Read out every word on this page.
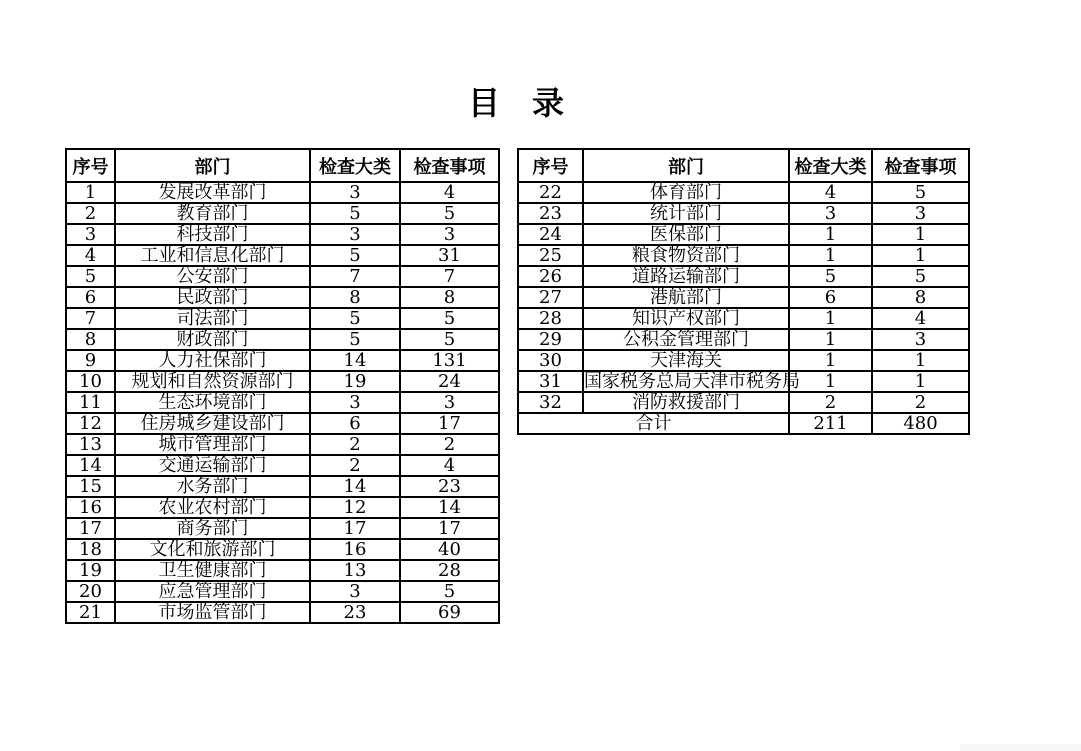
目　录
序号	部门	检查大类	检查事项
1	发展改革部门	3	4
2	教育部门	5	5
3	科技部门	3	3
4	工业和信息化部门	5	31
5	公安部门	7	7
6	民政部门	8	8
7	司法部门	5	5
8	财政部门	5	5
9	人力社保部门	14	131
10	规划和自然资源部门	19	24
11	生态环境部门	3	3
12	住房城乡建设部门	6	17
13	城市管理部门	2	2
14	交通运输部门	2	4
15	水务部门	14	23
16	农业农村部门	12	14
17	商务部门	17	17
18	文化和旅游部门	16	40
19	卫生健康部门	13	28
20	应急管理部门	3	5
21	市场监管部门	23	69
序号	部门	检查大类	检查事项
22	体育部门	4	5
23	统计部门	3	3
24	医保部门	1	1
25	粮食物资部门	1	1
26	道路运输部门	5	5
27	港航部门	6	8
28	知识产权部门	1	4
29	公积金管理部门	1	3
30	天津海关	1	1
31	国家税务总局天津市税务局	1	1
32	消防救援部门	2	2
合计		211	480
